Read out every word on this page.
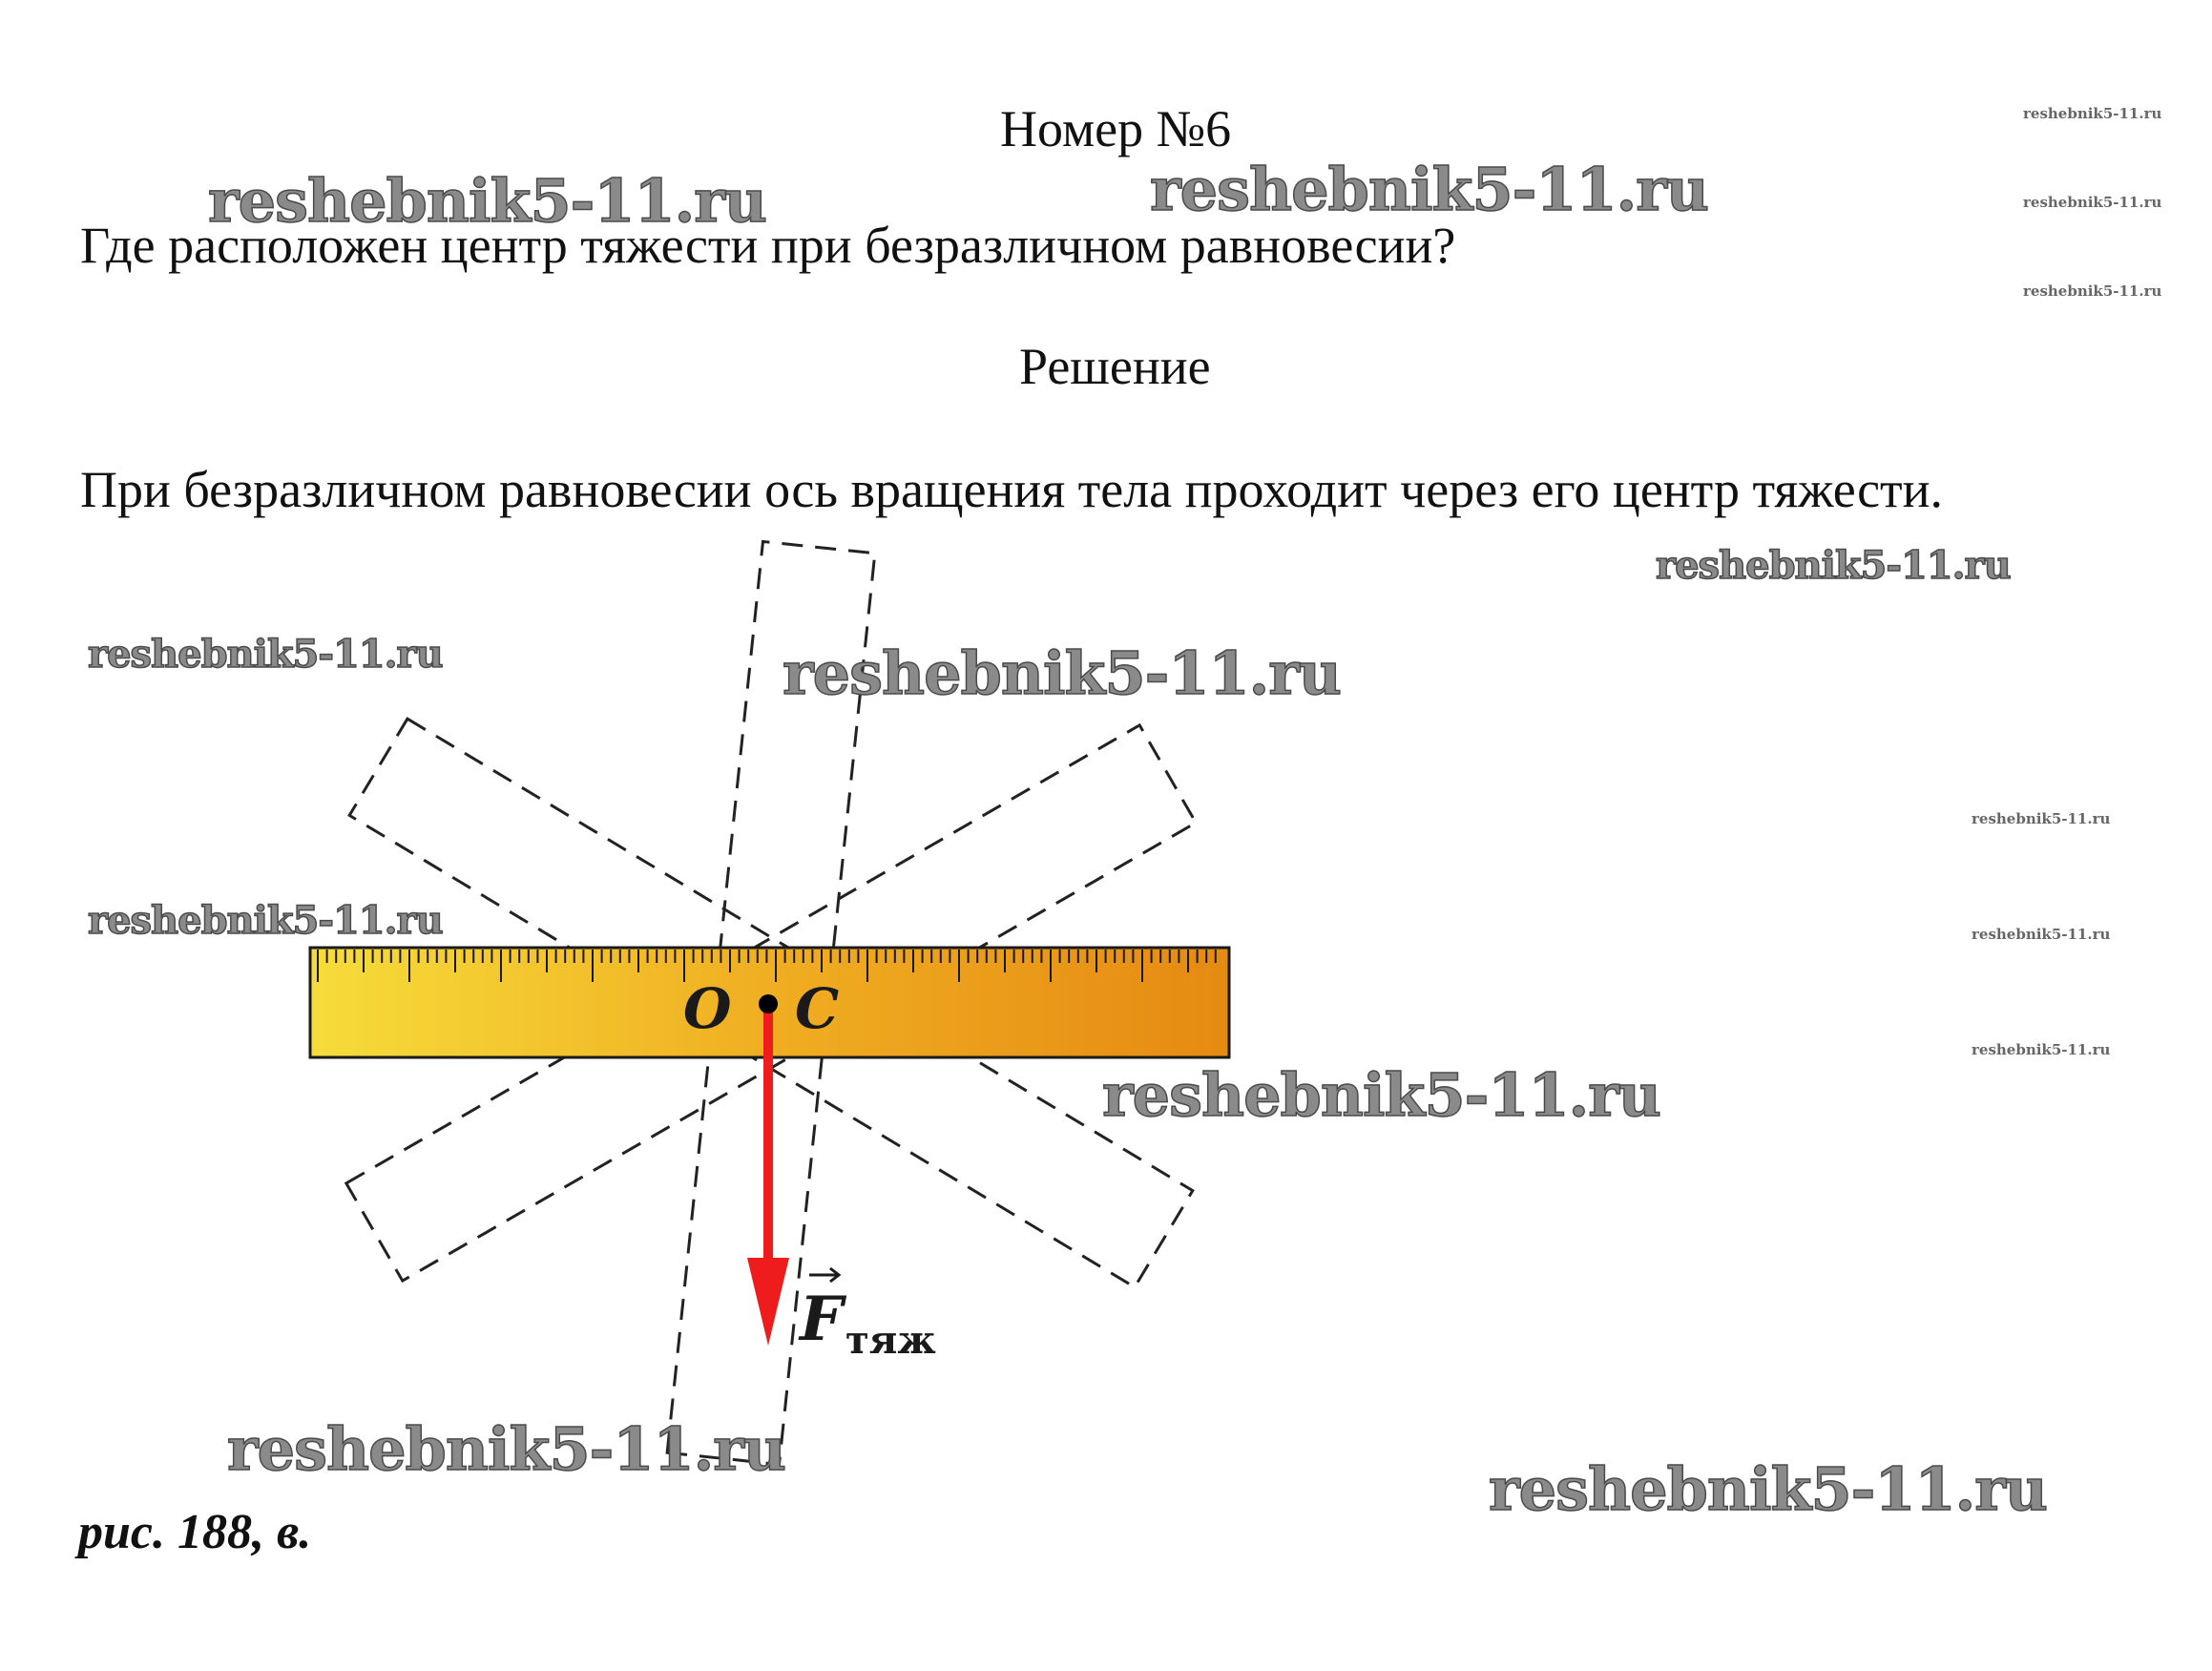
Номер №6
Где расположен центр тяжести при безразличном равновесии?
Решение
При безразличном равновесии ось вращения тела проходит через его центр тяжести.
O C
F тяж
рис. 188, в.
reshebnik5-11.ru	reshebnik5-11.ru
reshebnik5-11.ru
reshebnik5-11.ru	reshebnik5-11.ru
reshebnik5-11.ru
reshebnik5-11.ru
reshebnik5-11.ru
reshebnik5-11.ru
reshebnik5-11.ru
reshebnik5-11.ru
reshebnik5-11.ru
reshebnik5-11.ru
reshebnik5-11.ru
reshebnik5-11.ru
